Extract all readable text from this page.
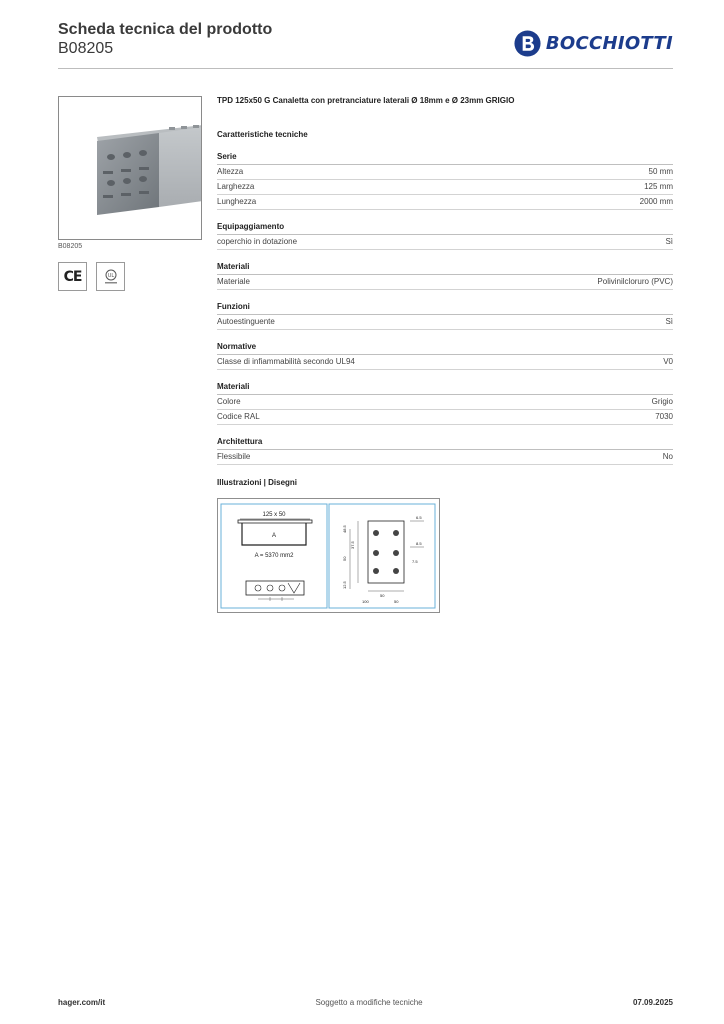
Scheda tecnica del prodotto
B08205	BOCCHIOTTI
B08205
CE	UL
TPD 125x50 G Canaletta con pretranciature laterali Ø 18mm e Ø 23mm GRIGIO
Caratteristiche tecniche
Serie
Altezza	50 mm
Larghezza	125 mm
Lunghezza	2000 mm
Equipaggiamento
coperchio in dotazione	Sì
Materiali
Materiale	Polivinilcloruro (PVC)
Funzioni
Autoestinguente	Sì
Normative
Classe di infiammabilità secondo UL94	V0
Materiali
Colore	Grigio
Codice RAL	7030
Architettura
Flessibile	No
Illustrazioni | Disegni
125 x 50
A
A = 5370 mm2
48.5
50
37.5
12.5
6.5
8.5
7.5
50
50
100
hager.com/it	Soggetto a modifiche tecniche	07.09.2025
